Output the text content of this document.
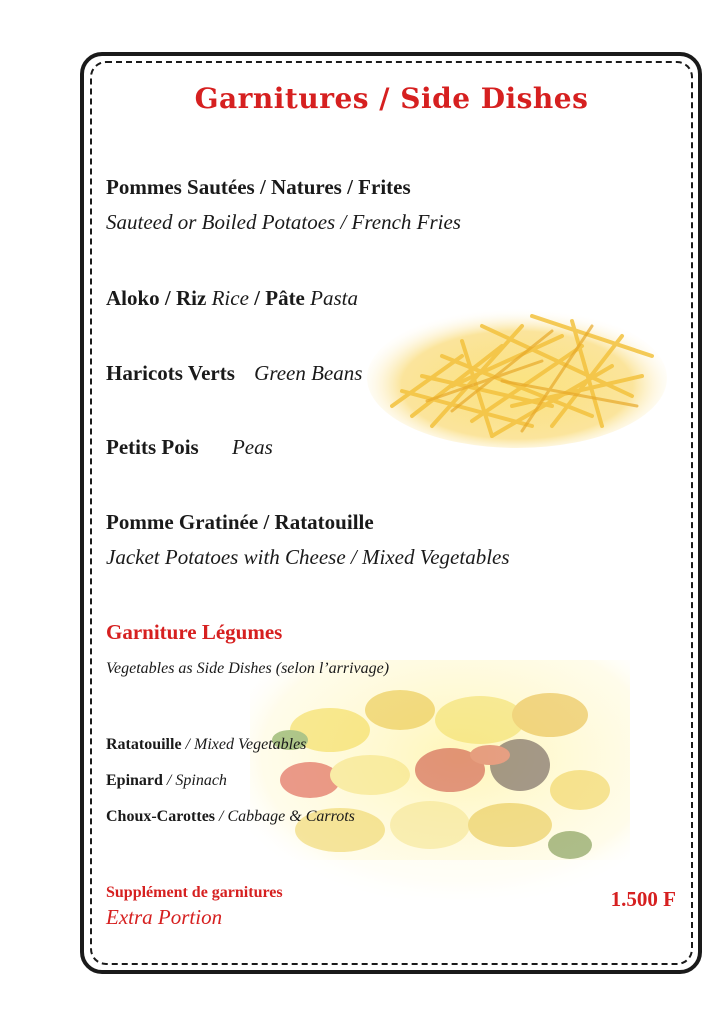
Garnitures / Side Dishes
Pommes Sautées / Natures / Frites
Sauteed or Boiled Potatoes / French Fries
Aloko / Riz Rice / Pâte Pasta
Haricots Verts Green Beans
Petits Pois Peas
Pomme Gratinée / Ratatouille
Jacket Potatoes with Cheese / Mixed Vegetables
Garniture Légumes
Vegetables as Side Dishes (selon l’arrivage)
Ratatouille / Mixed Vegetables
Epinard / Spinach
Choux-Carottes / Cabbage & Carrots
Supplément de garnitures
Extra Portion
1.500 F
